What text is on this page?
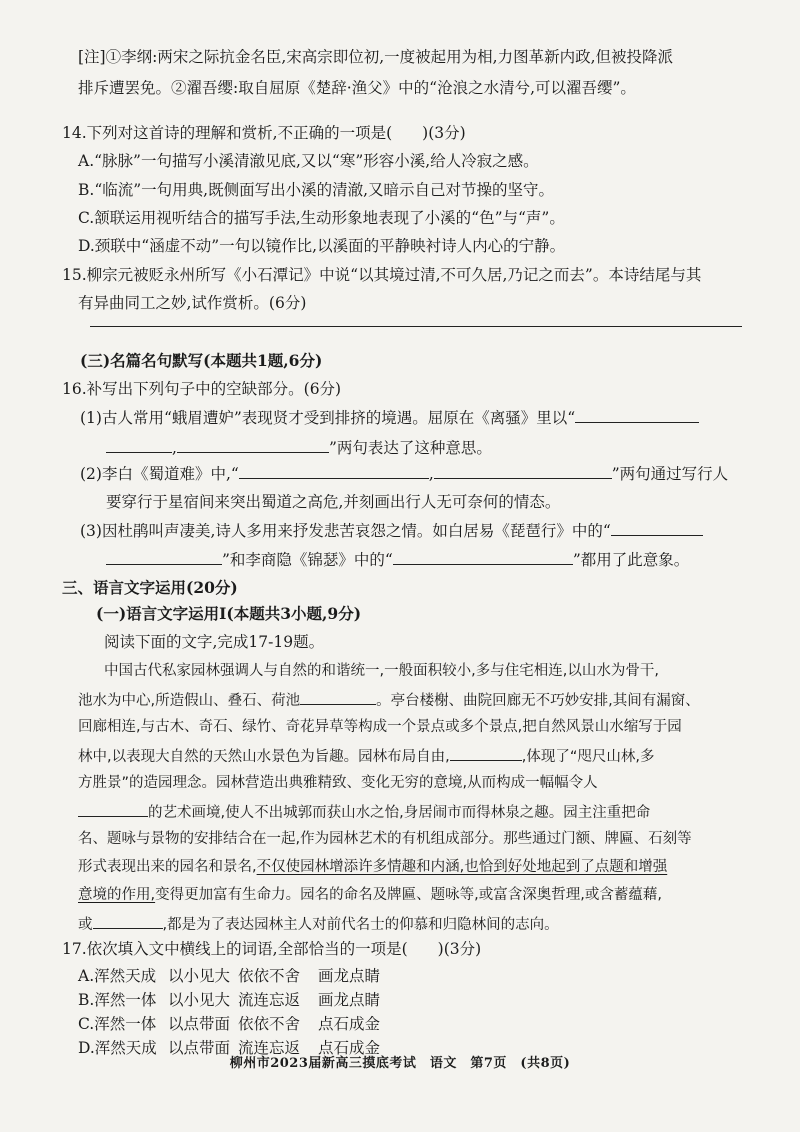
[注]①李纲:两宋之际抗金名臣,宋高宗即位初,一度被起用为相,力图革新内政,但被投降派
排斥遭罢免。②濯吾缨:取自屈原《楚辞·渔父》中的“沧浪之水清兮,可以濯吾缨”。
14.下列对这首诗的理解和赏析,不正确的一项是( )(3分)
A.“脉脉”一句描写小溪清澈见底,又以“寒”形容小溪,给人冷寂之感。
B.“临流”一句用典,既侧面写出小溪的清澈,又暗示自己对节操的坚守。
C.颔联运用视听结合的描写手法,生动形象地表现了小溪的“色”与“声”。
D.颈联中“涵虚不动”一句以镜作比,以溪面的平静映衬诗人内心的宁静。
15.柳宗元被贬永州所写《小石潭记》中说“以其境过清,不可久居,乃记之而去”。本诗结尾与其
有异曲同工之妙,试作赏析。(6分)
(三)名篇名句默写(本题共1题,6分)
16.补写出下列句子中的空缺部分。(6分)
(1)古人常用“蛾眉遭妒”表现贤才受到排挤的境遇。屈原在《离骚》里以“
,	”两句表达了这种意思。
(2)李白《蜀道难》中,“	,	”两句通过写行人
要穿行于星宿间来突出蜀道之高危,并刻画出行人无可奈何的情态。
(3)因杜鹃叫声凄美,诗人多用来抒发悲苦哀怨之情。如白居易《琵琶行》中的“
”和李商隐《锦瑟》中的“	”都用了此意象。
三、语言文字运用(20分)
(一)语言文字运用Ⅰ(本题共3小题,9分)
阅读下面的文字,完成17-19题。
中国古代私家园林强调人与自然的和谐统一,一般面积较小,多与住宅相连,以山水为骨干,
池水为中心,所造假山、叠石、荷池	。亭台楼榭、曲院回廊无不巧妙安排,其间有漏窗、
回廊相连,与古木、奇石、绿竹、奇花异草等构成一个景点或多个景点,把自然风景山水缩写于园
林中,以表现大自然的天然山水景色为旨趣。园林布局自由,	,体现了“咫尺山林,多
方胜景”的造园理念。园林营造出典雅精致、变化无穷的意境,从而构成一幅幅令人
的艺术画境,使人不出城郭而获山水之怡,身居闹市而得林泉之趣。园主注重把命
名、题咏与景物的安排结合在一起,作为园林艺术的有机组成部分。那些通过门额、牌匾、石刻等
形式表现出来的园名和景名,不仅使园林增添许多情趣和内涵,也恰到好处地起到了点题和增强
意境的作用,变得更加富有生命力。园名的命名及牌匾、题咏等,或富含深奥哲理,或含蓄蕴藉,
或	,都是为了表达园林主人对前代名士的仰慕和归隐林间的志向。
17.依次填入文中横线上的词语,全部恰当的一项是( )(3分)
A.浑然天成 以小见大 依依不舍 画龙点睛
B.浑然一体 以小见大 流连忘返 画龙点睛
C.浑然一体 以点带面 依依不舍 点石成金
D.浑然天成 以点带面 流连忘返 点石成金
柳州市2023届新高三摸底考试　语文　第7页　(共8页)
